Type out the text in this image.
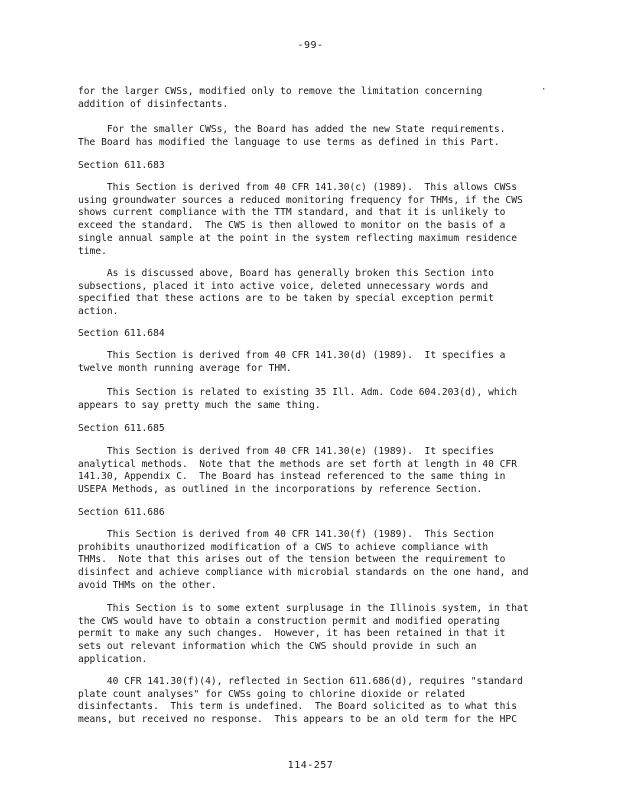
-99-
·
for the larger CWSs, modified only to remove the limitation concerning
addition of disinfectants.
For the smaller CWSs, the Board has added the new State requirements.
The Board has modified the language to use terms as defined in this Part.
Section 611.683
This Section is derived from 40 CFR 141.30(c) (1989).  This allows CWSs
using groundwater sources a reduced monitoring frequency for THMs, if the CWS
shows current compliance with the TTM standard, and that it is unlikely to
exceed the standard.  The CWS is then allowed to monitor on the basis of a
single annual sample at the point in the system reflecting maximum residence
time.
As is discussed above, Board has generally broken this Section into
subsections, placed it into active voice, deleted unnecessary words and
specified that these actions are to be taken by special exception permit
action.
Section 611.684
This Section is derived from 40 CFR 141.30(d) (1989).  It specifies a
twelve month running average for THM.
This Section is related to existing 35 Ill. Adm. Code 604.203(d), which
appears to say pretty much the same thing.
Section 611.685
This Section is derived from 40 CFR 141.30(e) (1989).  It specifies
analytical methods.  Note that the methods are set forth at length in 40 CFR
141.30, Appendix C.  The Board has instead referenced to the same thing in
USEPA Methods, as outlined in the incorporations by reference Section.
Section 611.686
This Section is derived from 40 CFR 141.30(f) (1989).  This Section
prohibits unauthorized modification of a CWS to achieve compliance with
THMs.  Note that this arises out of the tension between the requirement to
disinfect and achieve compliance with microbial standards on the one hand, and
avoid THMs on the other.
This Section is to some extent surplusage in the Illinois system, in that
the CWS would have to obtain a construction permit and modified operating
permit to make any such changes.  However, it has been retained in that it
sets out relevant information which the CWS should provide in such an
application.
40 CFR 141.30(f)(4), reflected in Section 611.686(d), requires "standard
plate count analyses" for CWSs going to chlorine dioxide or related
disinfectants.  This term is undefined.  The Board solicited as to what this
means, but received no response.  This appears to be an old term for the HPC
114-257
